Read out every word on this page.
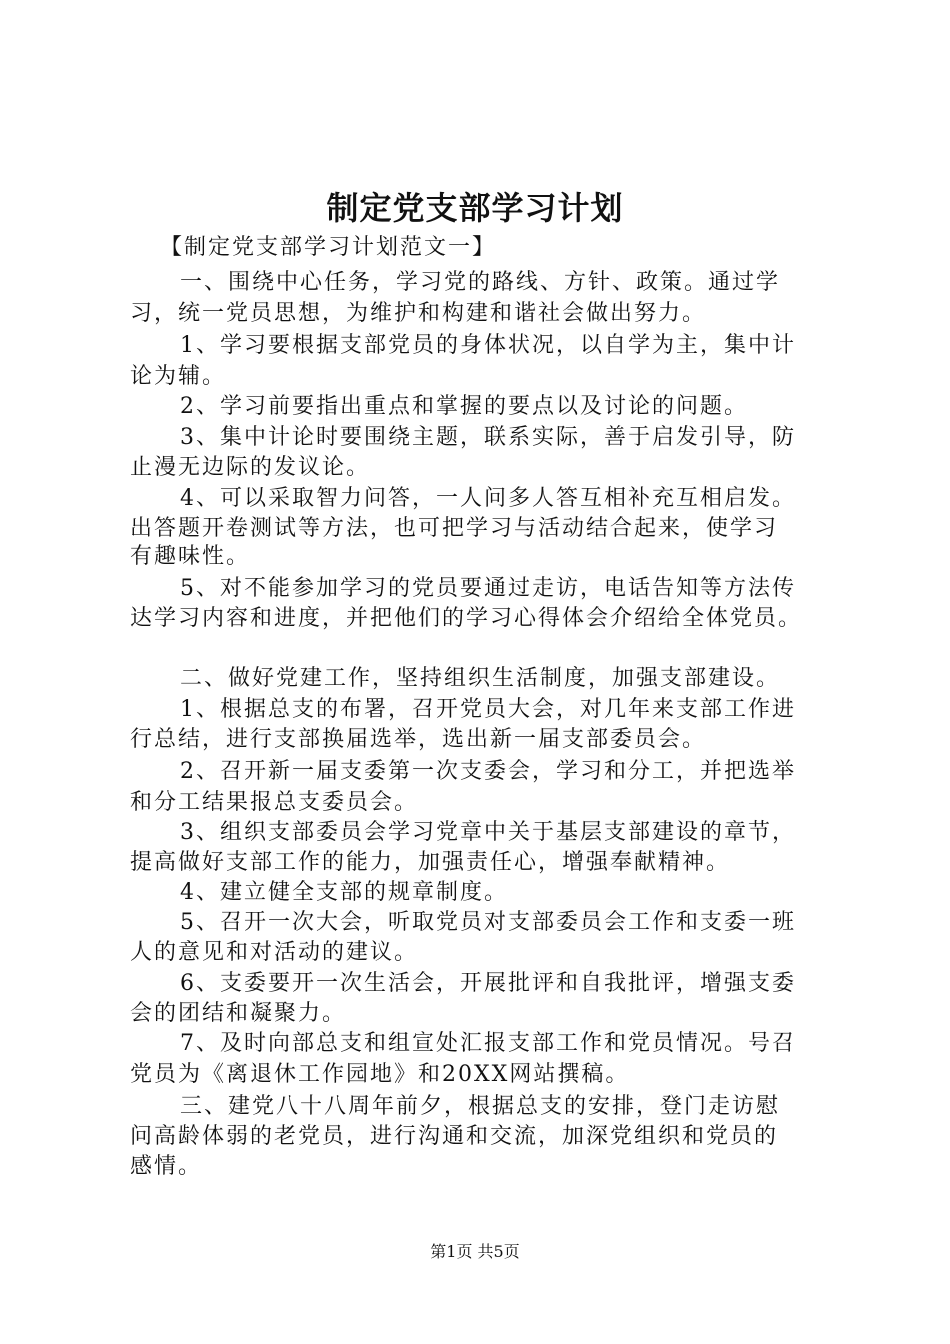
制定党支部学习计划
【制定党支部学习计划范文一】
一、围绕中心任务，学习党的路线、方针、政策。通过学
习，统一党员思想，为维护和构建和谐社会做出努力。
1、学习要根据支部党员的身体状况，以自学为主，集中计
论为辅。
2、学习前要指出重点和掌握的要点以及讨论的问题。
3、集中计论时要围绕主题，联系实际，善于启发引导，防
止漫无边际的发议论。
4、可以采取智力问答，一人问多人答互相补充互相启发。
出答题开卷测试等方法，也可把学习与活动结合起来，使学习
有趣味性。
5、对不能参加学习的党员要通过走访，电话告知等方法传
达学习内容和进度，并把他们的学习心得体会介绍给全体党员。
二、做好党建工作，坚持组织生活制度，加强支部建设。
1、根据总支的布署，召开党员大会，对几年来支部工作进
行总结，进行支部换届选举，选出新一届支部委员会。
2、召开新一届支委第一次支委会，学习和分工，并把选举
和分工结果报总支委员会。
3、组织支部委员会学习党章中关于基层支部建设的章节，
提高做好支部工作的能力，加强责任心，增强奉献精神。
4、建立健全支部的规章制度。
5、召开一次大会，听取党员对支部委员会工作和支委一班
人的意见和对活动的建议。
6、支委要开一次生活会，开展批评和自我批评，增强支委
会的团结和凝聚力。
7、及时向部总支和组宣处汇报支部工作和党员情况。号召
党员为《离退休工作园地》和20XX网站撰稿。
三、建党八十八周年前夕，根据总支的安排，登门走访慰
问高龄体弱的老党员，进行沟通和交流，加深党组织和党员的
感情。
第1页 共5页
